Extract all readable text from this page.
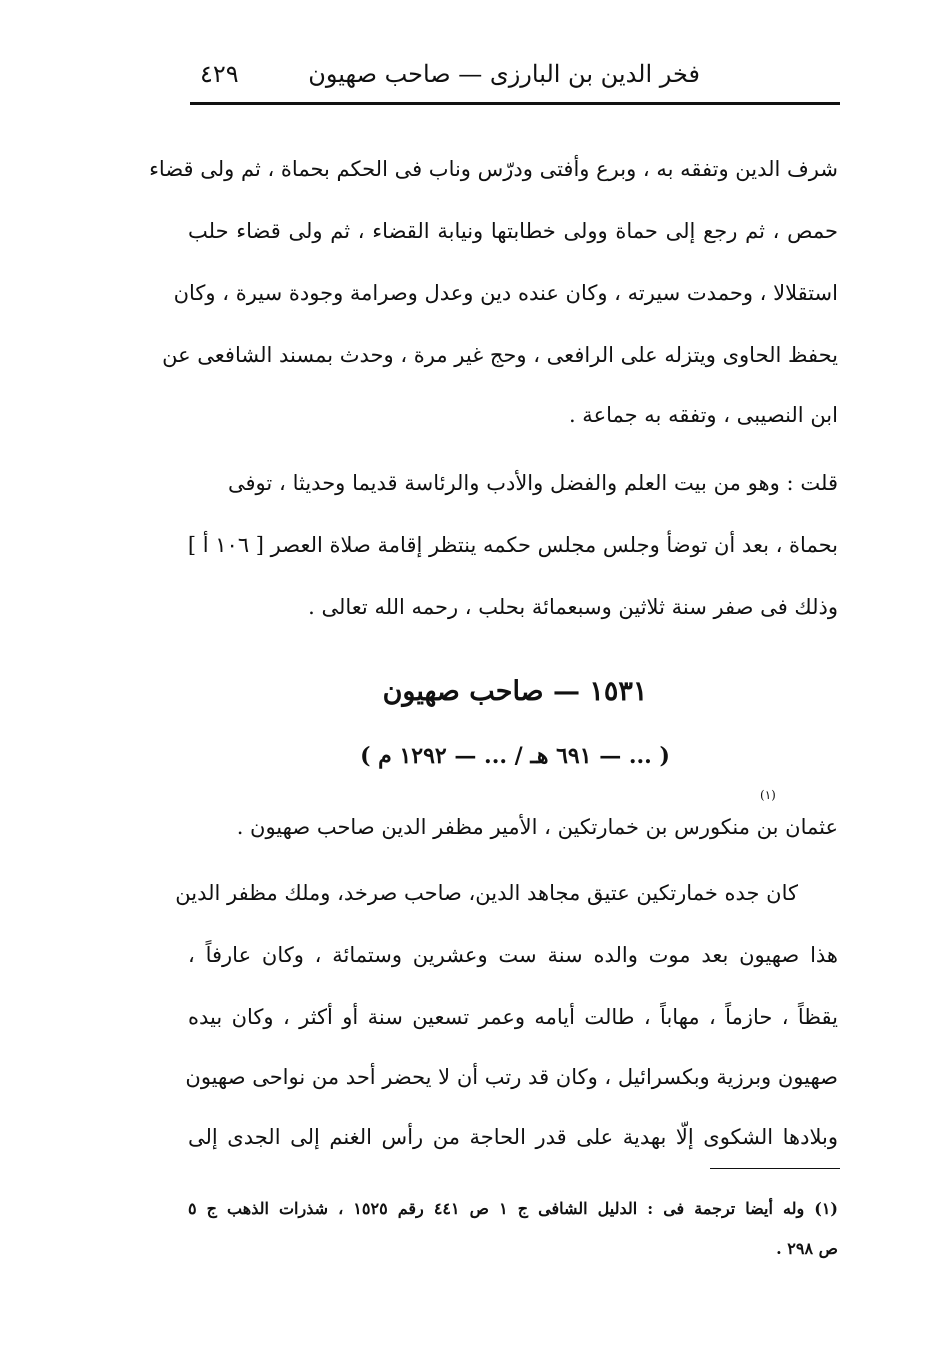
فخر الدين بن البارزى — صاحب صهيون
٤٢٩
شرف الدين وتفقه به ، وبرع وأفتى ودرّس وناب فى الحكم بحماة ، ثم ولى قضاء
حمص ، ثم رجع إلى حماة وولى خطابتها ونيابة القضاء ، ثم ولى قضاء حلب
استقلالا ، وحمدت سيرته ، وكان عنده دين وعدل وصرامة وجودة سيرة ، وكان
يحفظ الحاوى ويتزله على الرافعى ، وحج غير مرة ، وحدث بمسند الشافعى عن
ابن النصيبى ، وتفقه به جماعة .
قلت : وهو من بيت العلم والفضل والأدب والرئاسة قديما وحديثا ، توفى
بحماة ، بعد أن توضأ وجلس مجلس حكمه ينتظر إقامة صلاة العصر [ ١٠٦ أ ]
وذلك فى صفر سنة ثلاثين وسبعمائة بحلب ، رحمه الله تعالى .
١٥٣١ — صاحب صهيون
( ... — ٦٩١ هـ / ... — ١٢٩٢ م )
(١)
عثمان بن منكورس بن خمارتكين ، الأمير مظفر الدين صاحب صهيون .
كان جده خمارتكين عتيق مجاهد الدين، صاحب صرخد، وملك مظفر الدين
هذا صهيون بعد موت والده سنة ست وعشرين وستمائة ، وكان عارفاً ،
يقظاً ، حازماً ، مهاباً ، طالت أيامه وعمر تسعين سنة أو أكثر ، وكان بيده
صهيون وبرزية وبكسرائيل ، وكان قد رتب أن لا يحضر أحد من نواحى صهيون
وبلادها الشكوى إلّا بهدية على قدر الحاجة من رأس الغنم إلى الجدى إلى
(١) وله أيضا ترجمة فى : الدليل الشافى ج ١ ص ٤٤١ رقم ١٥٢٥ ، شذرات الذهب ج ٥
ص ٢٩٨ .
